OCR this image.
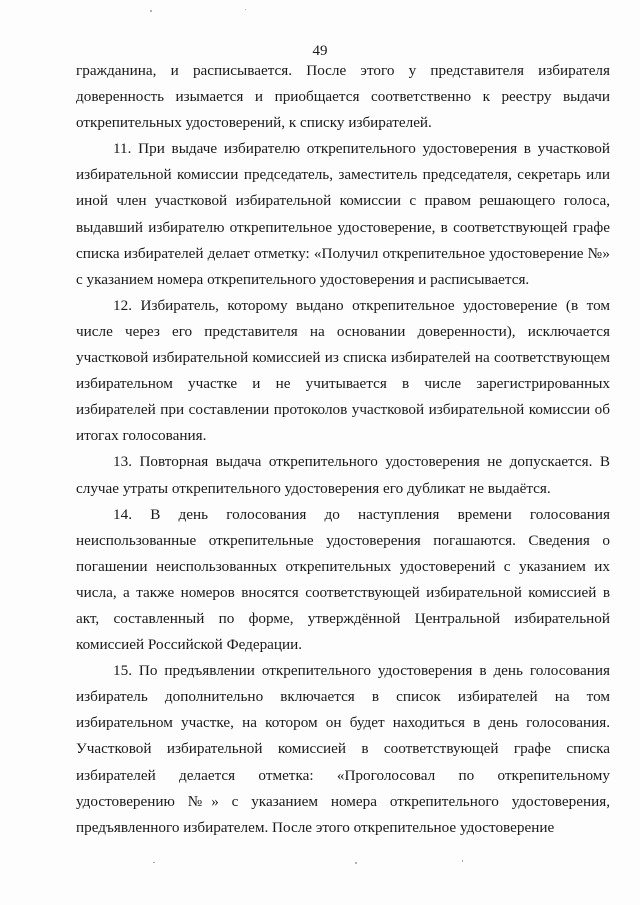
49

гражданина, и расписывается. После этого у представителя избирателя доверенность изымается и приобщается соответственно к реестру выдачи открепительных удостоверений, к списку избирателей.

11. При выдаче избирателю открепительного удостоверения в участковой избирательной комиссии председатель, заместитель председателя, секретарь или иной член участковой избирательной комиссии с правом решающего голоса, выдавший избирателю открепительное удостоверение, в соответствующей графе списка избирателей делает отметку: «Получил открепительное удостоверение №» с указанием номера открепительного удостоверения и расписывается.

12. Избиратель, которому выдано открепительное удостоверение (в том числе через его представителя на основании доверенности), исключается участковой избирательной комиссией из списка избирателей на соответствующем избирательном участке и не учитывается в числе зарегистрированных избирателей при составлении протоколов участковой избирательной комиссии об итогах голосования.

13. Повторная выдача открепительного удостоверения не допускается. В случае утраты открепительного удостоверения его дубликат не выдаётся.

14. В день голосования до наступления времени голосования неиспользованные открепительные удостоверения погашаются. Сведения о погашении неиспользованных открепительных удостоверений с указанием их числа, а также номеров вносятся соответствующей избирательной комиссией в акт, составленный по форме, утверждённой Центральной избирательной комиссией Российской Федерации.

15. По предъявлении открепительного удостоверения в день голосования избиратель дополнительно включается в список избирателей на том избирательном участке, на котором он будет находиться в день голосования. Участковой избирательной комиссией в соответствующей графе списка избирателей делается отметка: «Проголосовал по открепительному удостоверению №» с указанием номера открепительного удостоверения, предъявленного избирателем. После этого открепительное удостоверение
